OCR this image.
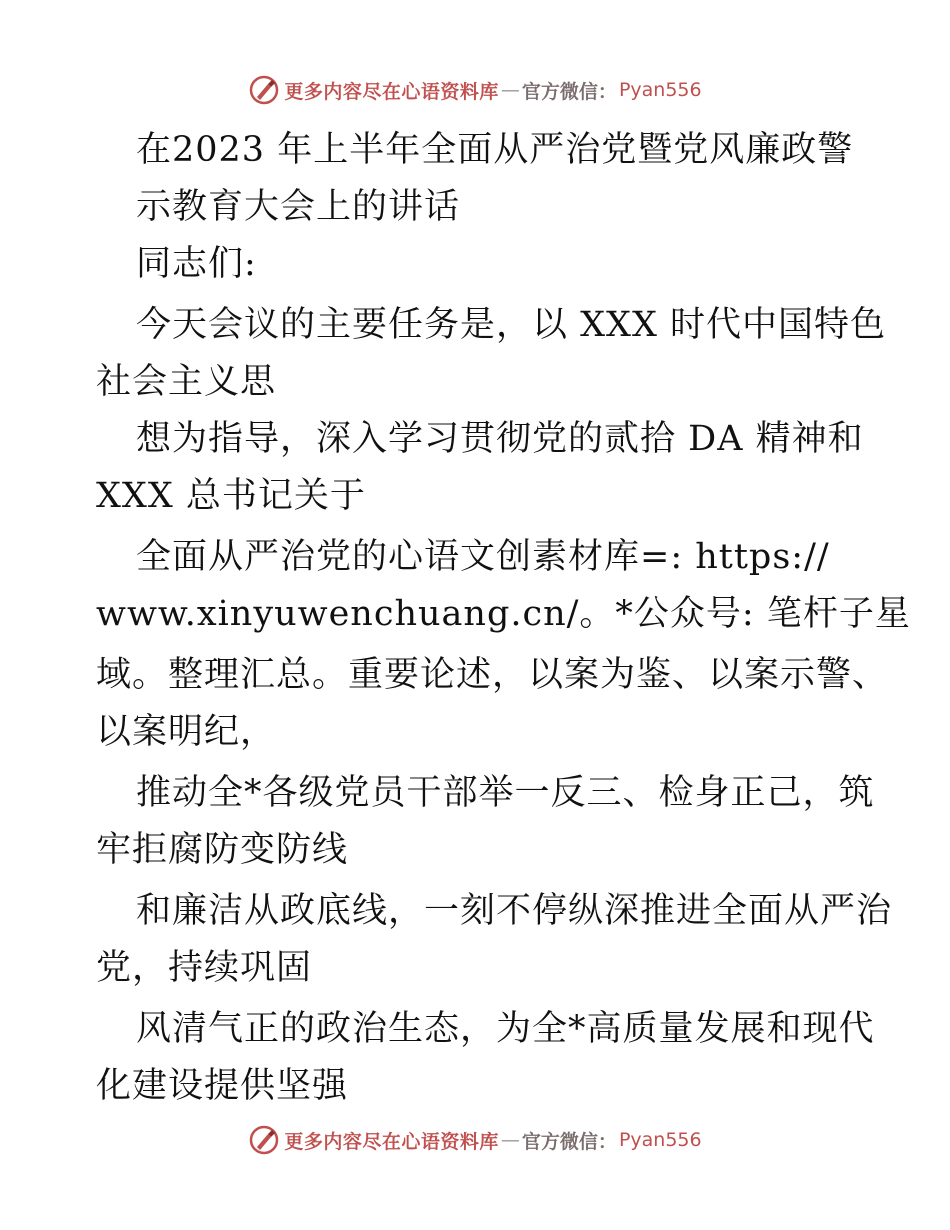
更多内容尽在心语资料库 — 官方微信： Pyan556
在2023 年上半年全面从严治党暨党风廉政警
示教育大会上的讲话
同志们:
今天会议的主要任务是，以 XXX 时代中国特色
社会主义思
想为指导，深入学习贯彻党的贰拾 DA 精神和
XXX 总书记关于
全面从严治党的心语文创素材库=: https://
www.xinyuwenchuang.cn/。*公众号: 笔杆子星
域。整理汇总。重要论述，以案为鉴、以案示警、
以案明纪，
推动全*各级党员干部举一反三、检身正己，筑
牢拒腐防变防线
和廉洁从政底线，一刻不停纵深推进全面从严治
党，持续巩固
风清气正的政治生态，为全*高质量发展和现代
化建设提供坚强
更多内容尽在心语资料库 — 官方微信： Pyan556
